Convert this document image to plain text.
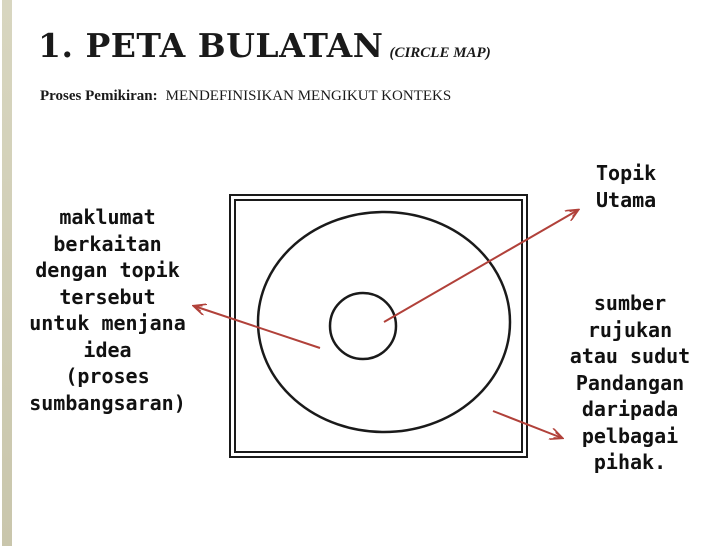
1. PETA BULATAN (CIRCLE MAP)
Proses Pemikiran: MENDEFINISIKAN MENGIKUT KONTEKS
Topik
Utama
maklumat
berkaitan
dengan topik
tersebut
untuk menjana
idea
(proses
sumbangsaran)
sumber
rujukan
atau sudut
Pandangan
daripada
pelbagai
pihak.
